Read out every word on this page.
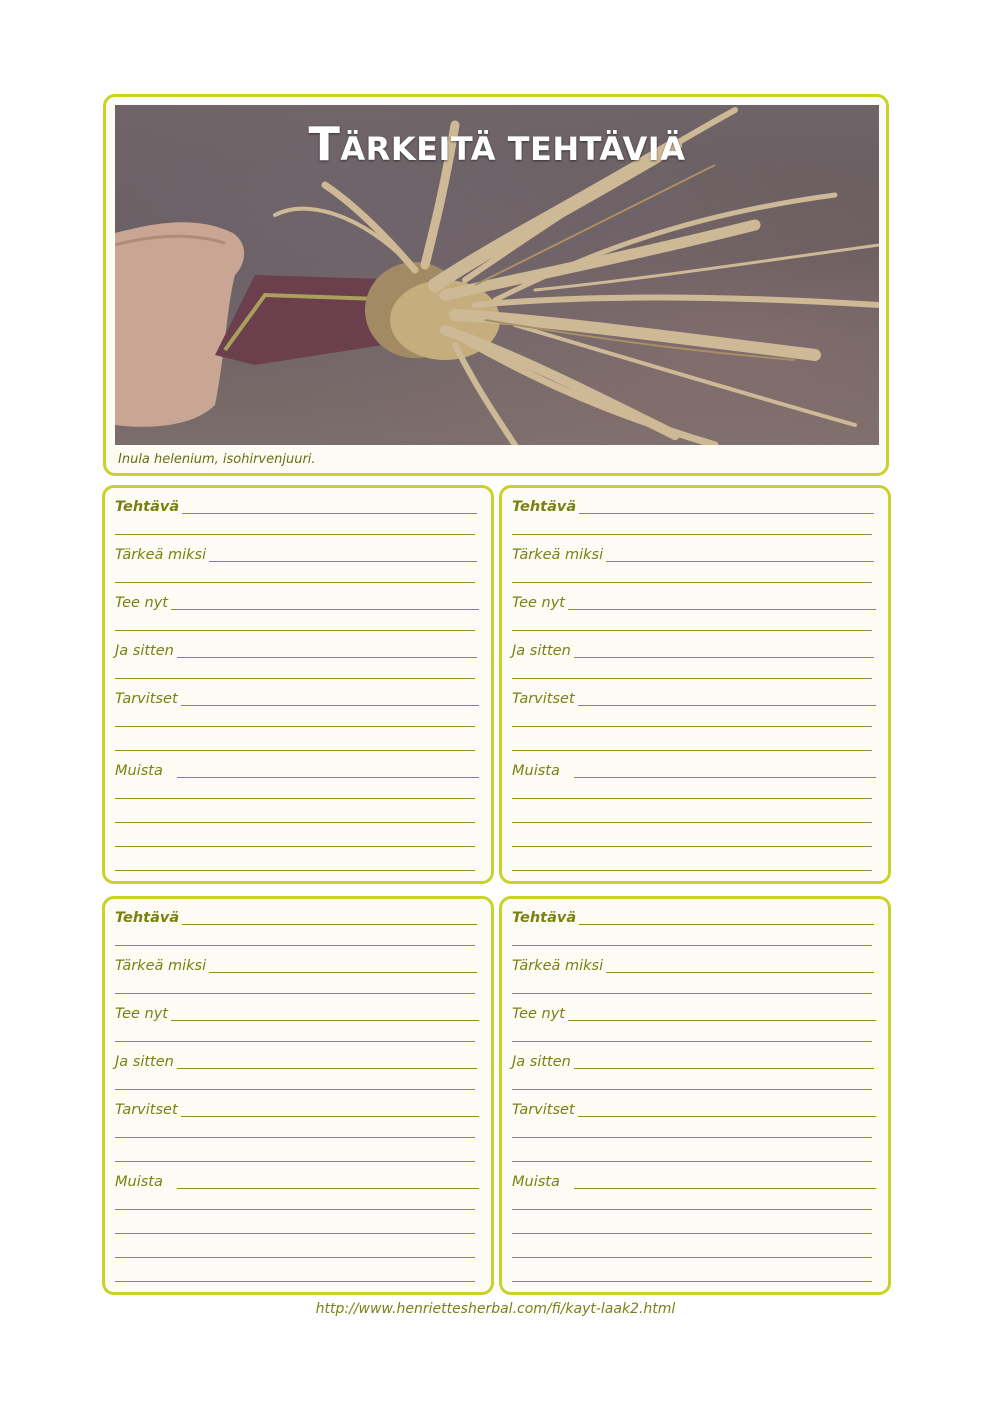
TÄRKEITÄ TEHTÄVIÄ
Inula helenium, isohirvenjuuri.
Tehtävä
Tärkeä miksi
Tee nyt
Ja sitten
Tarvitset
Muista
Tehtävä
Tärkeä miksi
Tee nyt
Ja sitten
Tarvitset
Muista
Tehtävä
Tärkeä miksi
Tee nyt
Ja sitten
Tarvitset
Muista
Tehtävä
Tärkeä miksi
Tee nyt
Ja sitten
Tarvitset
Muista
http://www.henriettesherbal.com/fi/kayt-laak2.html
